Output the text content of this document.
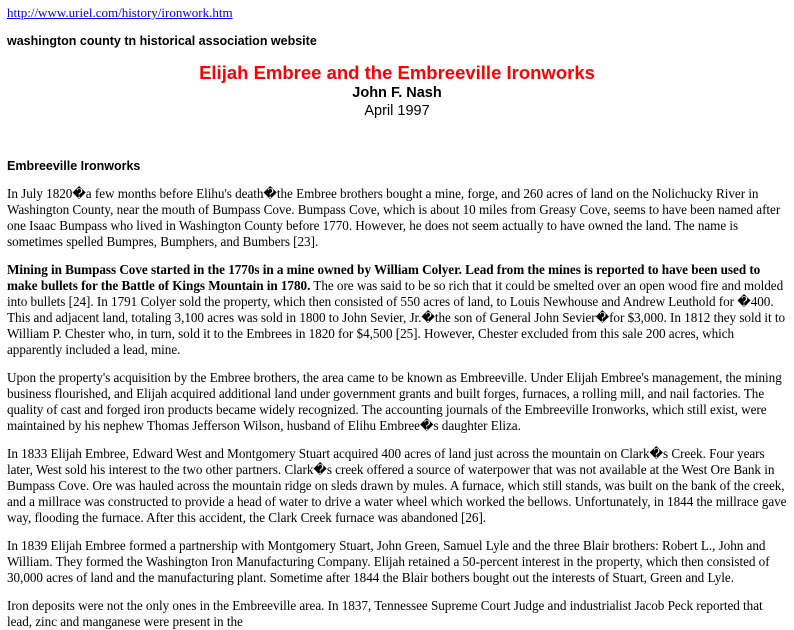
http://www.uriel.com/history/ironwork.htm
washington county tn historical association website
Elijah Embree and the Embreeville Ironworks
John F. Nash
April 1997
Embreeville Ironworks

In July 1820�a few months before Elihu's death�the Embree brothers bought a mine, forge, and 260 acres of land on the Nolichucky River in Washington County, near the mouth of Bumpass Cove. Bumpass Cove, which is about 10 miles from Greasy Cove, seems to have been named after one Isaac Bumpass who lived in Washington County before 1770. However, he does not seem actually to have owned the land. The name is sometimes spelled Bumpres, Bumphers, and Bumbers [23].

Mining in Bumpass Cove started in the 1770s in a mine owned by William Colyer. Lead from the mines is reported to have been used to make bullets for the Battle of Kings Mountain in 1780. The ore was said to be so rich that it could be smelted over an open wood fire and molded into bullets [24]. In 1791 Colyer sold the property, which then consisted of 550 acres of land, to Louis Newhouse and Andrew Leuthold for �400. This and adjacent land, totaling 3,100 acres was sold in 1800 to John Sevier, Jr.�the son of General John Sevier�for $3,000. In 1812 they sold it to William P. Chester who, in turn, sold it to the Embrees in 1820 for $4,500 [25]. However, Chester excluded from this sale 200 acres, which apparently included a lead, mine.

Upon the property's acquisition by the Embree brothers, the area came to be known as Embreeville. Under Elijah Embree's management, the mining business flourished, and Elijah acquired additional land under government grants and built forges, furnaces, a rolling mill, and nail factories. The quality of cast and forged iron products became widely recognized. The accounting journals of the Embreeville Ironworks, which still exist, were maintained by his nephew Thomas Jefferson Wilson, husband of Elihu Embree�s daughter Eliza.

In 1833 Elijah Embree, Edward West and Montgomery Stuart acquired 400 acres of land just across the mountain on Clark�s Creek. Four years later, West sold his interest to the two other partners. Clark�s creek offered a source of waterpower that was not available at the West Ore Bank in Bumpass Cove. Ore was hauled across the mountain ridge on sleds drawn by mules. A furnace, which still stands, was built on the bank of the creek, and a millrace was constructed to provide a head of water to drive a water wheel which worked the bellows. Unfortunately, in 1844 the millrace gave way, flooding the furnace. After this accident, the Clark Creek furnace was abandoned [26].

In 1839 Elijah Embree formed a partnership with Montgomery Stuart, John Green, Samuel Lyle and the three Blair brothers: Robert L., John and William. They formed the Washington Iron Manufacturing Company. Elijah retained a 50-percent interest in the property, which then consisted of 30,000 acres of land and the manufacturing plant. Sometime after 1844 the Blair bothers bought out the interests of Stuart, Green and Lyle.

Iron deposits were not the only ones in the Embreeville area. In 1837, Tennessee Supreme Court Judge and industrialist Jacob Peck reported that lead, zinc and manganese were present in the
